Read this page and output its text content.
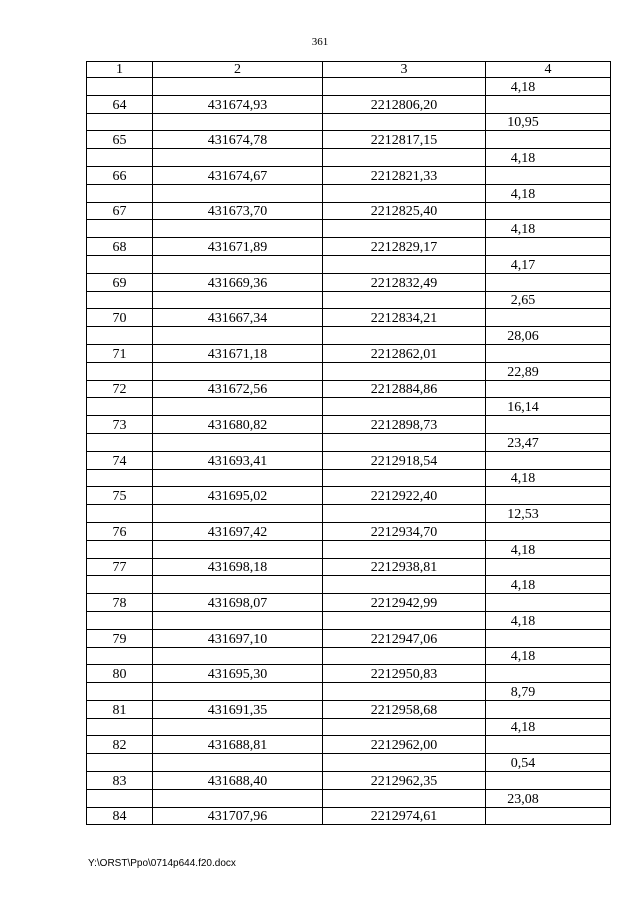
361
1	2	3	4
			4,18
64	431674,93	2212806,20	
			10,95
65	431674,78	2212817,15	
			4,18
66	431674,67	2212821,33	
			4,18
67	431673,70	2212825,40	
			4,18
68	431671,89	2212829,17	
			4,17
69	431669,36	2212832,49	
			2,65
70	431667,34	2212834,21	
			28,06
71	431671,18	2212862,01	
			22,89
72	431672,56	2212884,86	
			16,14
73	431680,82	2212898,73	
			23,47
74	431693,41	2212918,54	
			4,18
75	431695,02	2212922,40	
			12,53
76	431697,42	2212934,70	
			4,18
77	431698,18	2212938,81	
			4,18
78	431698,07	2212942,99	
			4,18
79	431697,10	2212947,06	
			4,18
80	431695,30	2212950,83	
			8,79
81	431691,35	2212958,68	
			4,18
82	431688,81	2212962,00	
			0,54
83	431688,40	2212962,35	
			23,08
84	431707,96	2212974,61	
Y:\ORST\Ppo\0714p644.f20.docx
